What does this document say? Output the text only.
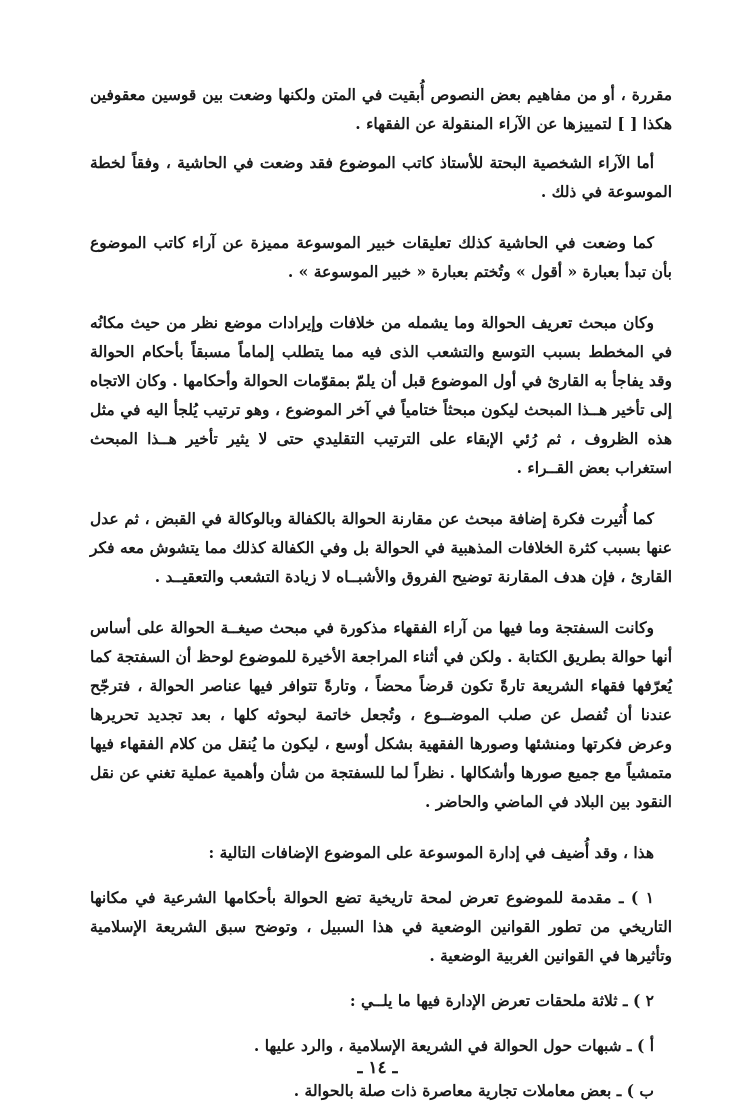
مقررة ، أو من مفاهيم بعض النصوص أُبقيت في المتن ولكنها وضعت بين قوسين معقوفين هكذا [ ] لتمييزها عن الآراء المنقولة عن الفقهاء .

أما الآراء الشخصية البحتة للأستاذ كاتب الموضوع فقد وضعت في الحاشية ، وفقاً لخطة الموسوعة في ذلك .

كما وضعت في الحاشية كذلك تعليقات خبير الموسوعة مميزة عن آراء كاتب الموضوع بأن تبدأ بعبارة « أقول » وتُختم بعبارة « خبير الموسوعة » .

وكان مبحث تعريف الحوالة وما يشمله من خلافات وإيرادات موضع نظر من حيث مكانُه في المخطط بسبب التوسع والتشعب الذى فيه مما يتطلب إلماماً مسبقاً بأحكام الحوالة وقد يفاجأ به القارئ في أول الموضوع قبل أن يلمّ بمقوّمات الحوالة وأحكامها . وكان الاتجاه إلى تأخير هــذا المبحث ليكون مبحثاً ختامياً في آخر الموضوع ، وهو ترتيب يُلجأ اليه في مثل هذه الظروف ، ثم رُئي الإبقاء على الترتيب التقليدي حتى لا يثير تأخير هــذا المبحث استغراب بعض القــراء .

كما أُثيرت فكرة إضافة مبحث عن مقارنة الحوالة بالكفالة وبالوكالة في القبض ، ثم عدل عنها بسبب كثرة الخلافات المذهبية في الحوالة بل وفي الكفالة كذلك مما يتشوش معه فكر القارئ ، فإن هدف المقارنة توضيح الفروق والأشبــاه لا زيادة التشعب والتعقيــد .

وكانت السفتجة وما فيها من آراء الفقهاء مذكورة في مبحث صيغــة الحوالة على أساس أنها حوالة بطريق الكتابة . ولكن في أثناء المراجعة الأخيرة للموضوع لوحظ أن السفتجة كما يُعرّفها فقهاء الشريعة تارةً تكون قرضاً محضاً ، وتارةً تتوافر فيها عناصر الحوالة ، فترجّح عندنا أن تُفصل عن صلب الموضــوع ، وتُجعل خاتمة لبحوثه كلها ، بعد تجديد تحريرها وعرض فكرتها ومنشئها وصورها الفقهية بشكل أوسع ، ليكون ما يُنقل من كلام الفقهاء فيها متمشياً مع جميع صورها وأشكالها . نظراً لما للسفتجة من شأن وأهمية عملية تغني عن نقل النقود بين البلاد في الماضي والحاضر .

هذا ، وقد أُضيف في إدارة الموسوعة على الموضوع الإضافات التالية :

١ ) ـ مقدمة للموضوع تعرض لمحة تاريخية تضع الحوالة بأحكامها الشرعية في مكانها التاريخي من تطور القوانين الوضعية في هذا السبيل ، وتوضح سبق الشريعة الإسلامية وتأثيرها في القوانين الغربية الوضعية .

٢ ) ـ ثلاثة ملحقات تعرض الإدارة فيها ما يلــي :

أ ) ـ شبهات حول الحوالة في الشريعة الإسلامية ، والرد عليها .

ب ) ـ بعض معاملات تجارية معاصرة ذات صلة بالحوالة .

ـ ١٤ ـ
